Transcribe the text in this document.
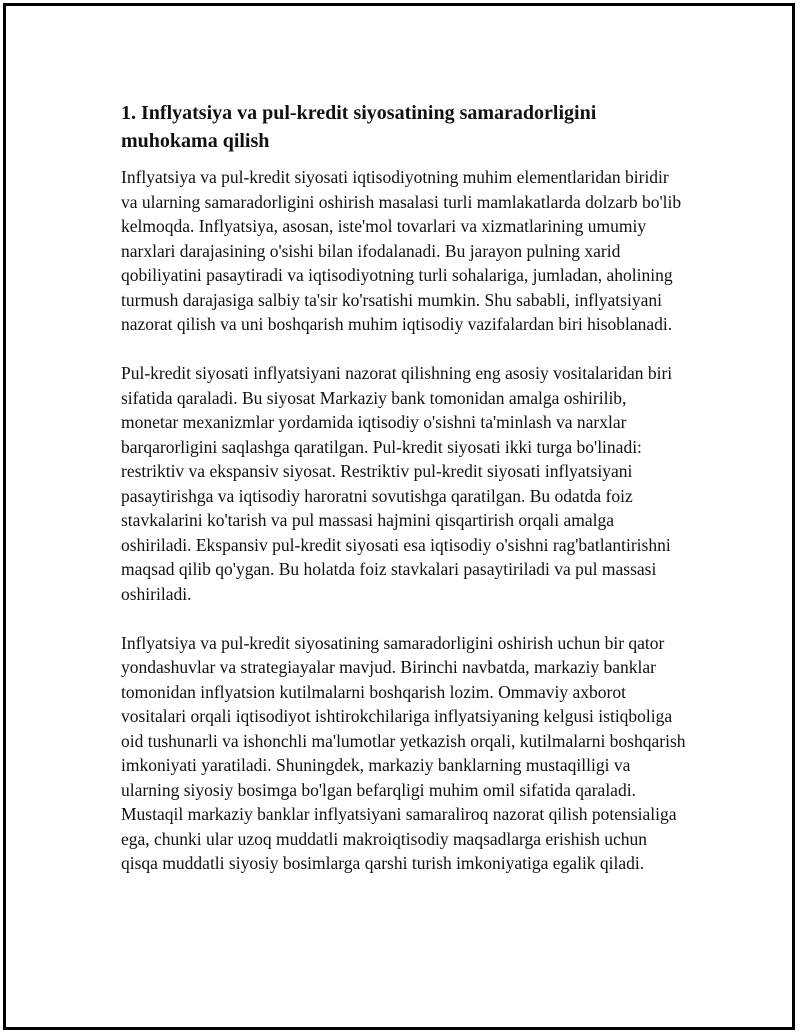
1. Inflyatsiya va pul-kredit siyosatining samaradorligini muhokama qilish

Inflyatsiya va pul-kredit siyosati iqtisodiyotning muhim elementlaridan biridir va ularning samaradorligini oshirish masalasi turli mamlakatlarda dolzarb bo'lib kelmoqda. Inflyatsiya, asosan, iste'mol tovarlari va xizmatlarining umumiy narxlari darajasining o'sishi bilan ifodalanadi. Bu jarayon pulning xarid qobiliyatini pasaytiradi va iqtisodiyotning turli sohalariga, jumladan, aholining turmush darajasiga salbiy ta'sir ko'rsatishi mumkin. Shu sababli, inflyatsiyani nazorat qilish va uni boshqarish muhim iqtisodiy vazifalardan biri hisoblanadi.

Pul-kredit siyosati inflyatsiyani nazorat qilishning eng asosiy vositalaridan biri sifatida qaraladi. Bu siyosat Markaziy bank tomonidan amalga oshirilib, monetar mexanizmlar yordamida iqtisodiy o'sishni ta'minlash va narxlar barqarorligini saqlashga qaratilgan. Pul-kredit siyosati ikki turga bo'linadi: restriktiv va ekspansiv siyosat. Restriktiv pul-kredit siyosati inflyatsiyani pasaytirishga va iqtisodiy haroratni sovutishga qaratilgan. Bu odatda foiz stavkalarini ko'tarish va pul massasi hajmini qisqartirish orqali amalga oshiriladi. Ekspansiv pul-kredit siyosati esa iqtisodiy o'sishni rag'batlantirishni maqsad qilib qo'ygan. Bu holatda foiz stavkalari pasaytiriladi va pul massasi oshiriladi.

Inflyatsiya va pul-kredit siyosatining samaradorligini oshirish uchun bir qator yondashuvlar va strategiayalar mavjud. Birinchi navbatda, markaziy banklar tomonidan inflyatsion kutilmalarni boshqarish lozim. Ommaviy axborot vositalari orqali iqtisodiyot ishtirokchilariga inflyatsiyaning kelgusi istiqboliga oid tushunarli va ishonchli ma'lumotlar yetkazish orqali, kutilmalarni boshqarish imkoniyati yaratiladi. Shuningdek, markaziy banklarning mustaqilligi va ularning siyosiy bosimga bo'lgan befarqligi muhim omil sifatida qaraladi. Mustaqil markaziy banklar inflyatsiyani samaraliroq nazorat qilish potensialiga ega, chunki ular uzoq muddatli makroiqtisodiy maqsadlarga erishish uchun qisqa muddatli siyosiy bosimlarga qarshi turish imkoniyatiga egalik qiladi.
